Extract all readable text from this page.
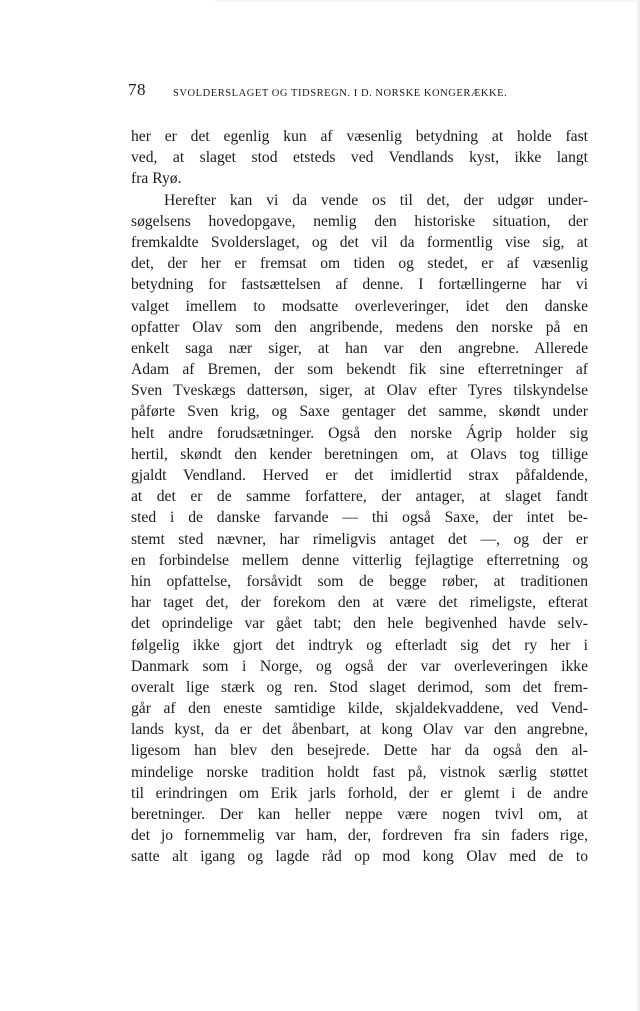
78	SVOLDERSLAGET OG TIDSREGN. I D. NORSKE KONGERÆKKE.
her er det egenlig kun af væsenlig betydning at holde fast
ved, at slaget stod etsteds ved Vendlands kyst, ikke langt
fra Ryø.
Herefter kan vi da vende os til det, der udgør under-
søgelsens hovedopgave, nemlig den historiske situation, der
fremkaldte Svolderslaget, og det vil da formentlig vise sig, at
det, der her er fremsat om tiden og stedet, er af væsenlig
betydning for fastsættelsen af denne. I fortællingerne har vi
valget imellem to modsatte overleveringer, idet den danske
opfatter Olav som den angribende, medens den norske på en
enkelt saga nær siger, at han var den angrebne. Allerede
Adam af Bremen, der som bekendt fik sine efterretninger af
Sven Tveskægs dattersøn, siger, at Olav efter Tyres tilskyndelse
påførte Sven krig, og Saxe gentager det samme, skøndt under
helt andre forudsætninger. Også den norske Ágrip holder sig
hertil, skøndt den kender beretningen om, at Olavs tog tillige
gjaldt Vendland. Herved er det imidlertid strax påfaldende,
at det er de samme forfattere, der antager, at slaget fandt
sted i de danske farvande — thi også Saxe, der intet be-
stemt sted nævner, har rimeligvis antaget det —, og der er
en forbindelse mellem denne vitterlig fejlagtige efterretning og
hin opfattelse, forsåvidt som de begge røber, at traditionen
har taget det, der forekom den at være det rimeligste, efterat
det oprindelige var gået tabt; den hele begivenhed havde selv-
følgelig ikke gjort det indtryk og efterladt sig det ry her i
Danmark som i Norge, og også der var overleveringen ikke
overalt lige stærk og ren. Stod slaget derimod, som det frem-
går af den eneste samtidige kilde, skjaldekvaddene, ved Vend-
lands kyst, da er det åbenbart, at kong Olav var den angrebne,
ligesom han blev den besejrede. Dette har da også den al-
mindelige norske tradition holdt fast på, vistnok særlig støttet
til erindringen om Erik jarls forhold, der er glemt i de andre
beretninger. Der kan heller neppe være nogen tvivl om, at
det jo fornemmelig var ham, der, fordreven fra sin faders rige,
satte alt igang og lagde råd op mod kong Olav med de to
